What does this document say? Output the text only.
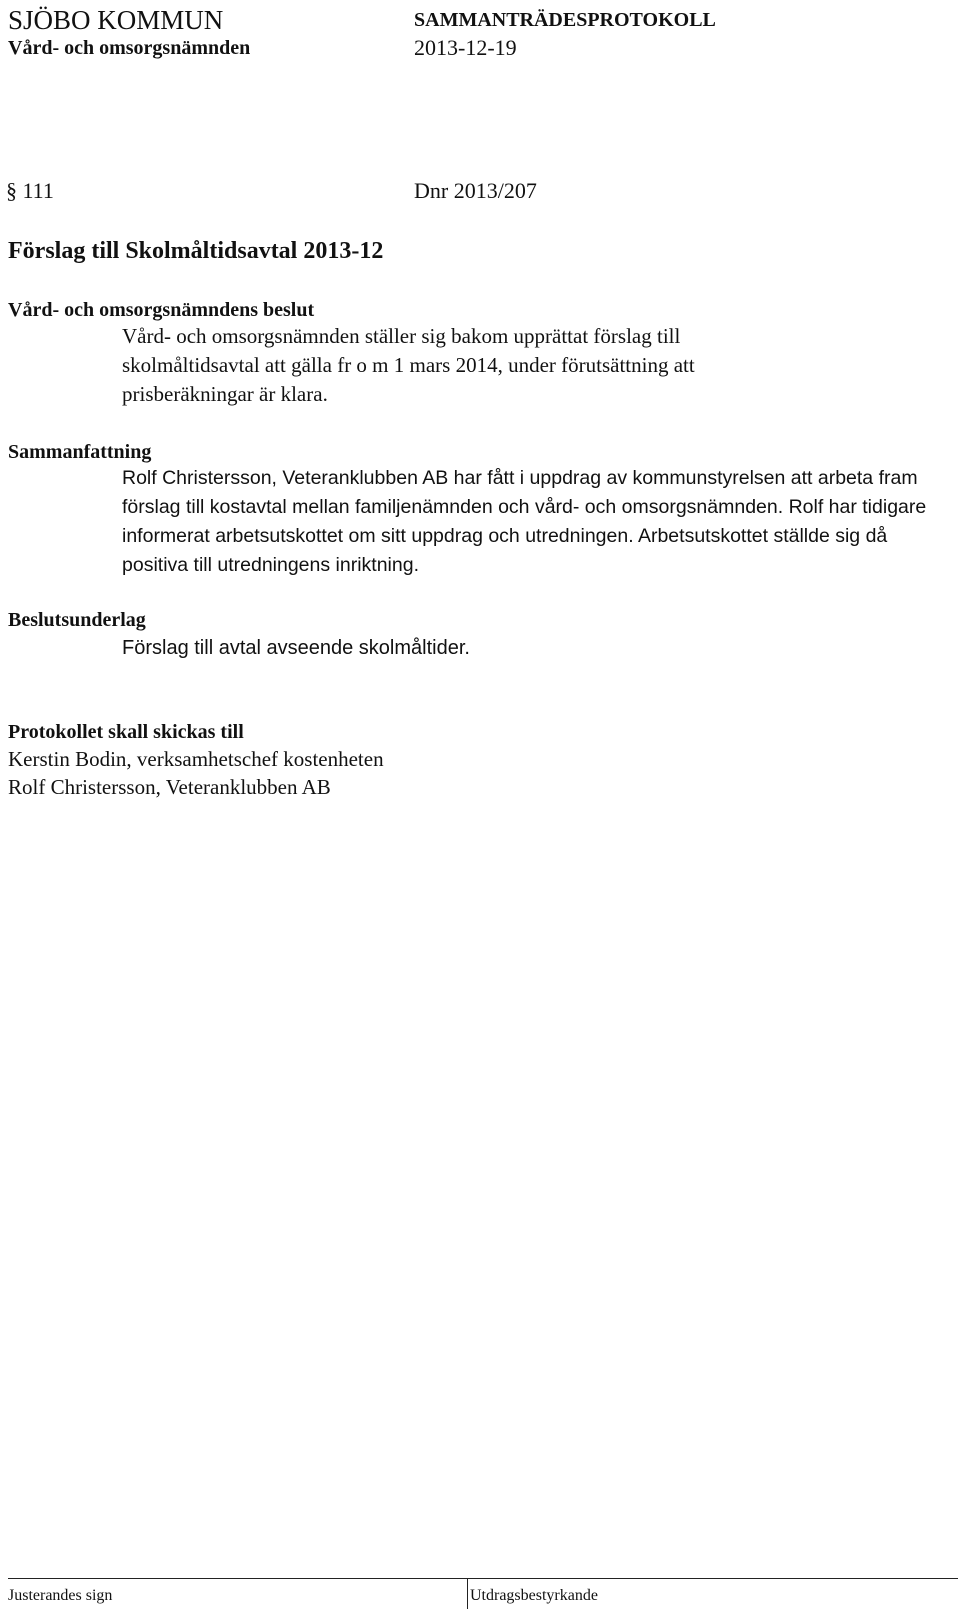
SJÖBO KOMMUN	SAMMANTRÄDESPROTOKOLL
Vård- och omsorgsnämnden	2013-12-19
§ 111	Dnr 2013/207
Förslag till Skolmåltidsavtal 2013-12
Vård- och omsorgsnämndens beslut
Vård- och omsorgsnämnden ställer sig bakom upprättat förslag till skolmåltidsavtal att gälla fr o m 1 mars 2014, under förutsättning att prisberäkningar är klara.
Sammanfattning
Rolf Christersson, Veteranklubben AB har fått i uppdrag av kommunstyrelsen att arbeta fram förslag till kostavtal mellan familjenämnden och vård- och omsorgsnämnden. Rolf har tidigare informerat arbetsutskottet om sitt uppdrag och utredningen. Arbetsutskottet ställde sig då positiva till utredningens inriktning.
Beslutsunderlag
Förslag till avtal avseende skolmåltider.
Protokollet skall skickas till
Kerstin Bodin, verksamhetschef kostenheten
Rolf Christersson, Veteranklubben AB
Justerandes sign	Utdragsbestyrkande
